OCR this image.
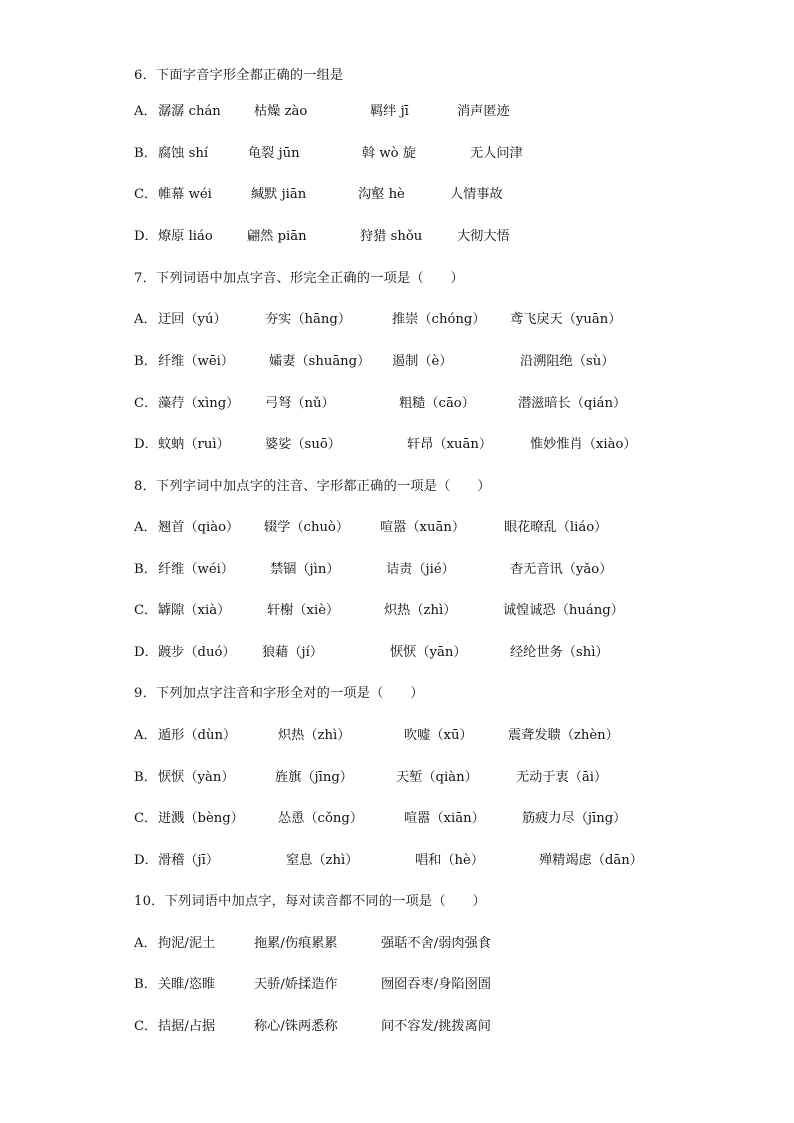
6．下面字音字形全都正确的一组是
A． 潺潺 chán	枯燥 zào	羁绊 jī	消声匿迹
B． 腐蚀 shí	龟裂 jūn	斡 wò 旋	无人问津
C． 帷幕 wéi	缄默 jiān	沟壑 hè	人情事故
D． 燎原 liáo	翩然 piān	狩猎 shǒu	大彻大悟
7．下列词语中加点字音、形完全正确的一项是（　　）
A． 迂回（yú）	夯实（hāng）	推崇（chóng） 鸢飞戾天（yuān）
B． 纤维（wēi）	孀妻（shuāng） 遏制（è）	沿溯阻绝（sù）
C． 藻荇（xìng） 弓弩（nǔ）	粗糙（cāo）	潜滋暗长（qián）
D． 蚊蚋（ruì）	婆娑（suō）	轩昂（xuān）	惟妙惟肖（xiào）
8．下列字词中加点字的注音、字形都正确的一项是（　　）
A． 翘首（qiào） 辍学（chuò） 喧嚣（xuān）	眼花暸乱（liáo）
B． 纤维（wéi）	禁锢（jìn）	诘责（jié）	杳无音讯（yǎo）
C． 罅隙（xià）	轩榭（xiè）	炽热（zhì）	诚惶诚恐（huáng）
D． 踱步（duó） 狼藉（jí）	恹恹（yān）	经纶世务（shì）
9．下列加点字注音和字形全对的一项是（　　）
A． 遁形（dùn）	炽热（zhì）	吹嘘（xū）	震聋发聩（zhèn）
B． 恹恹（yàn）	旌旗（jīng）	天堑（qiàn）	无动于衷（āi）
C． 迸溅（bèng）	怂恿（cǒng）	喧嚣（xiān）	筋疲力尽（jīng）
D． 滑稽（jī）	窒息（zhì）	唱和（hè）	殚精竭虑（dān）
10．下列词语中加点字，每对读音都不同的一项是（　　）
A． 拘泥/泥土	拖累/伤痕累累	强聒不舍/弱肉强食
B． 关睢/恣睢	天骄/娇揉造作	囫囵吞枣/身陷囹圄
C． 拮据/占据	称心/铢两悉称	间不容发/挑拨离间
